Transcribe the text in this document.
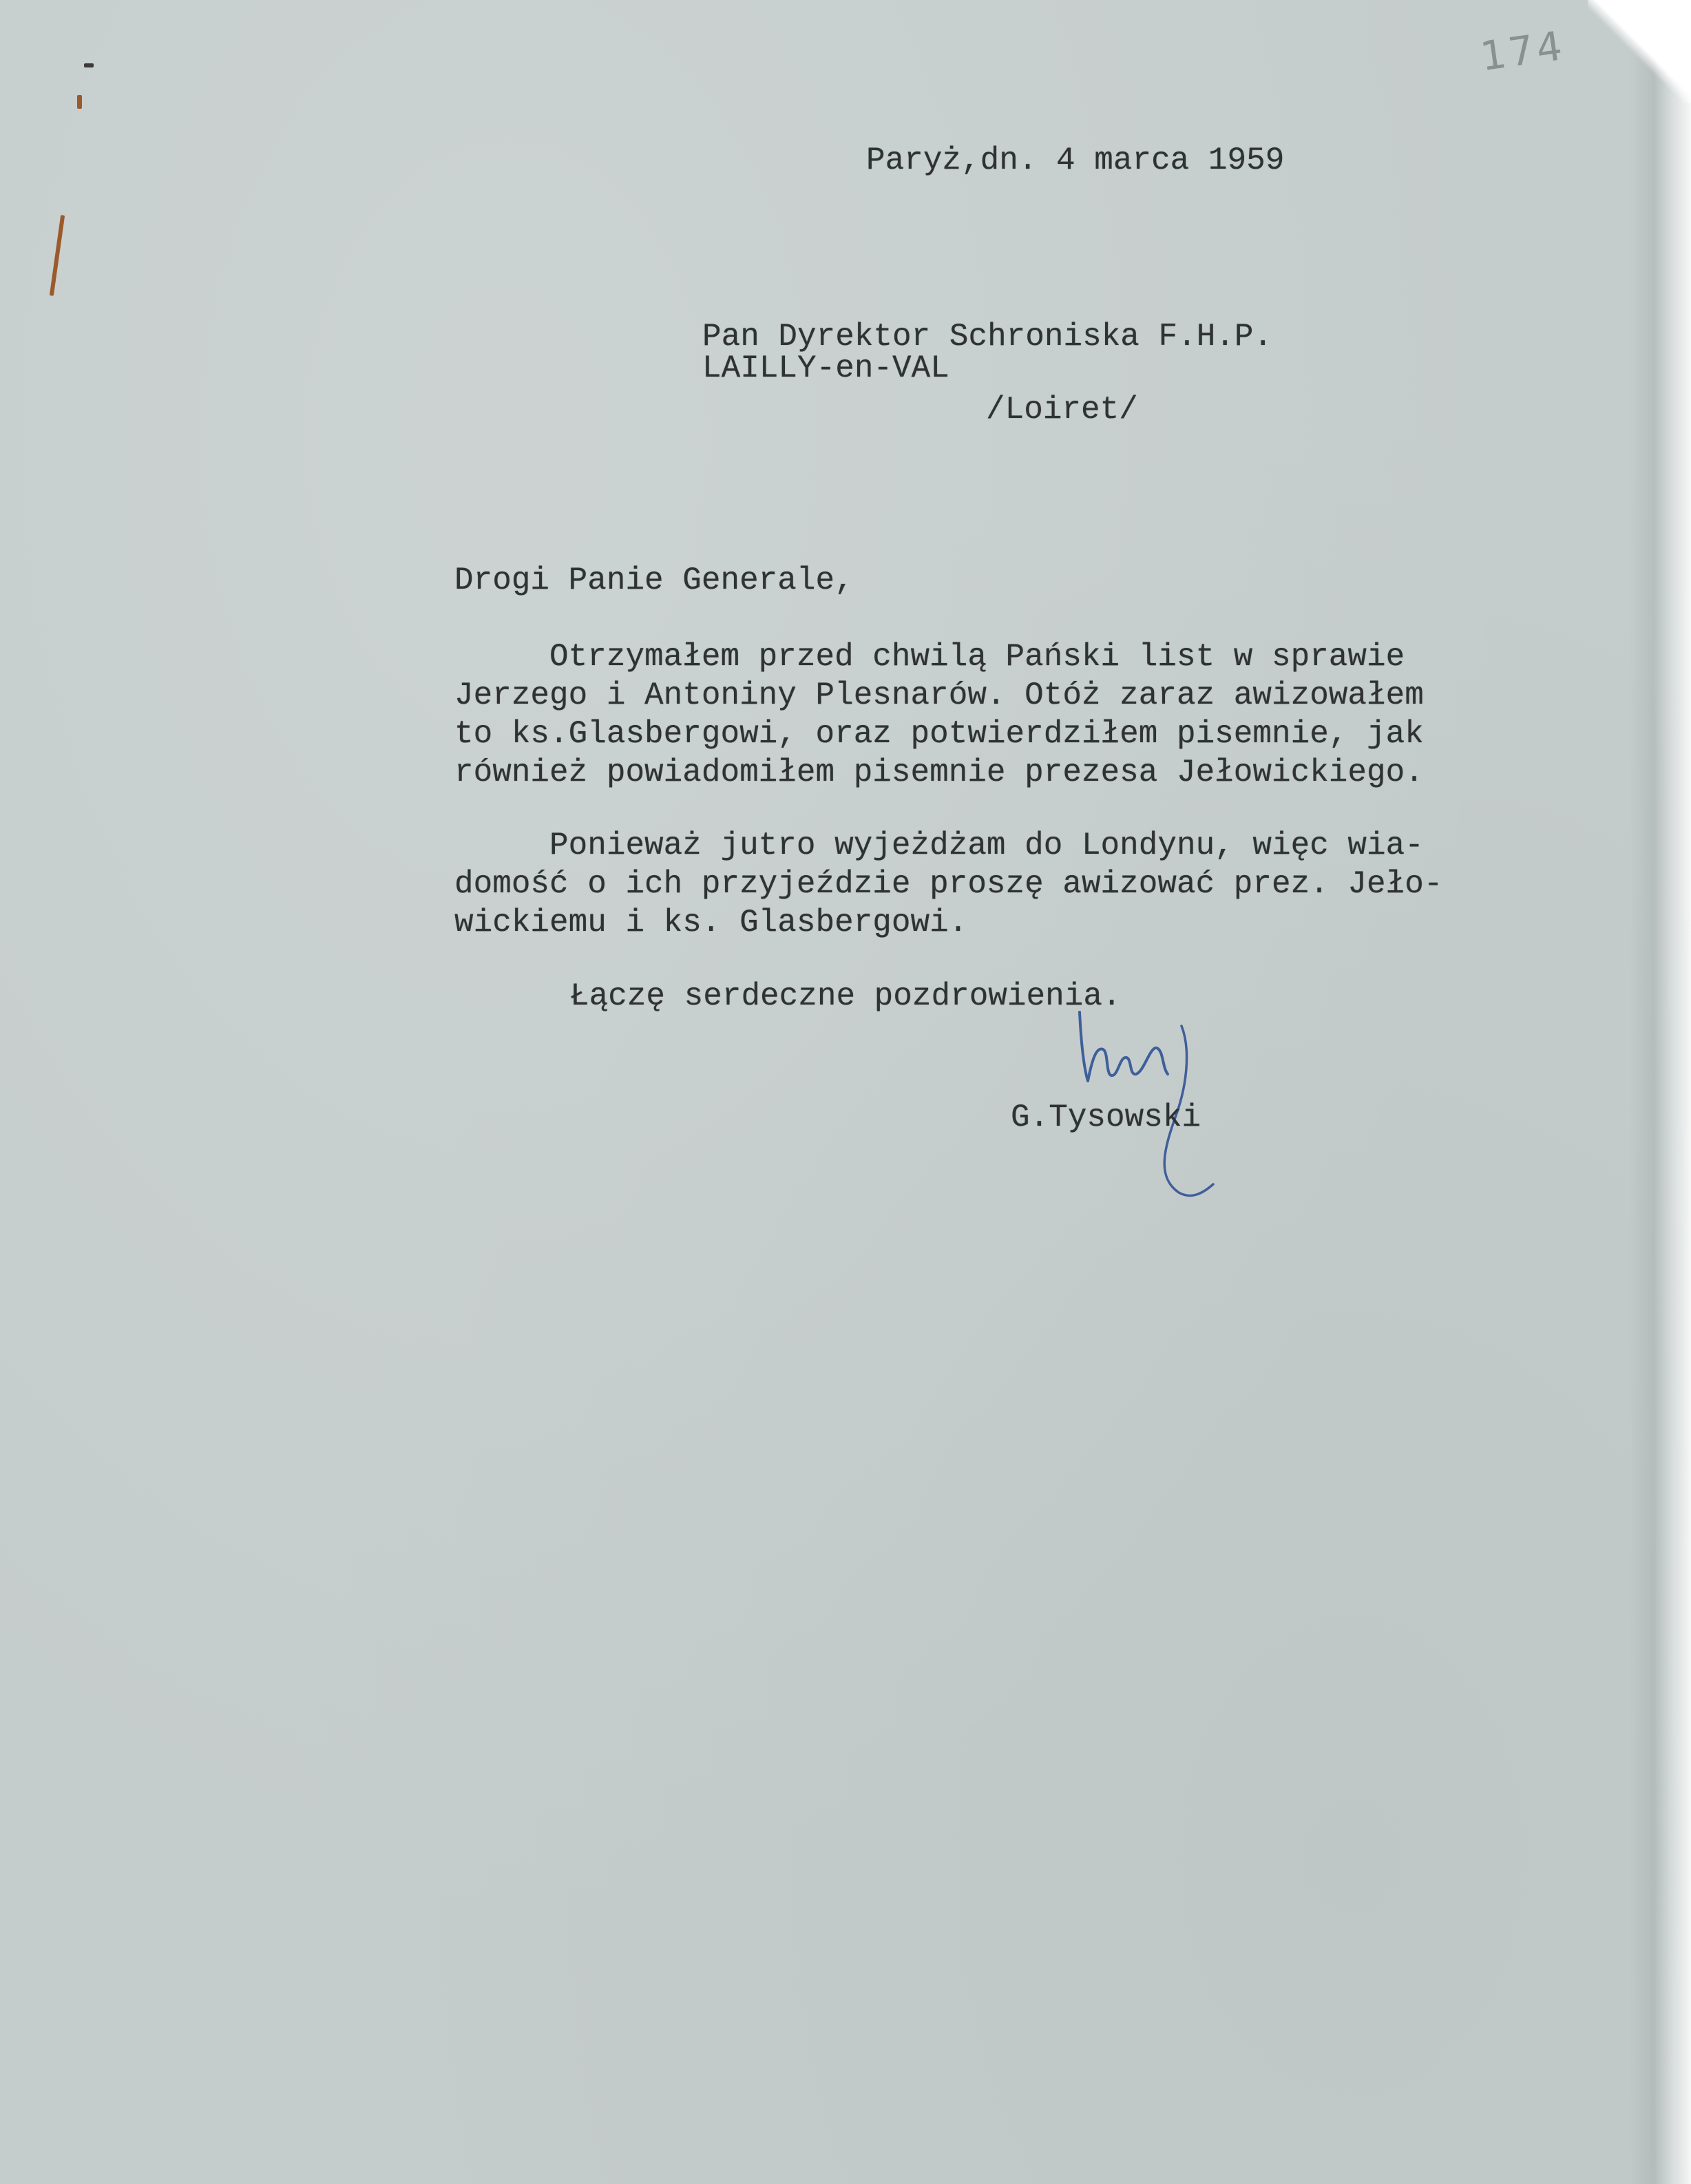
174
Paryż,dn. 4 marca 1959
Pan Dyrektor Schroniska F.H.P.
LAILLY-en-VAL
/Loiret/
Drogi Panie Generale,
Otrzymałem przed chwilą Pański list w sprawie
Jerzego i Antoniny Plesnarów. Otóż zaraz awizowałem
to ks.Glasbergowi, oraz potwierdziłem pisemnie, jak
również powiadomiłem pisemnie prezesa Jełowickiego.
Ponieważ jutro wyjeżdżam do Londynu, więc wia-
domość o ich przyjeździe proszę awizować prez. Jeło-
wickiemu i ks. Glasbergowi.
Łączę serdeczne pozdrowienia.
G.Tysowski
